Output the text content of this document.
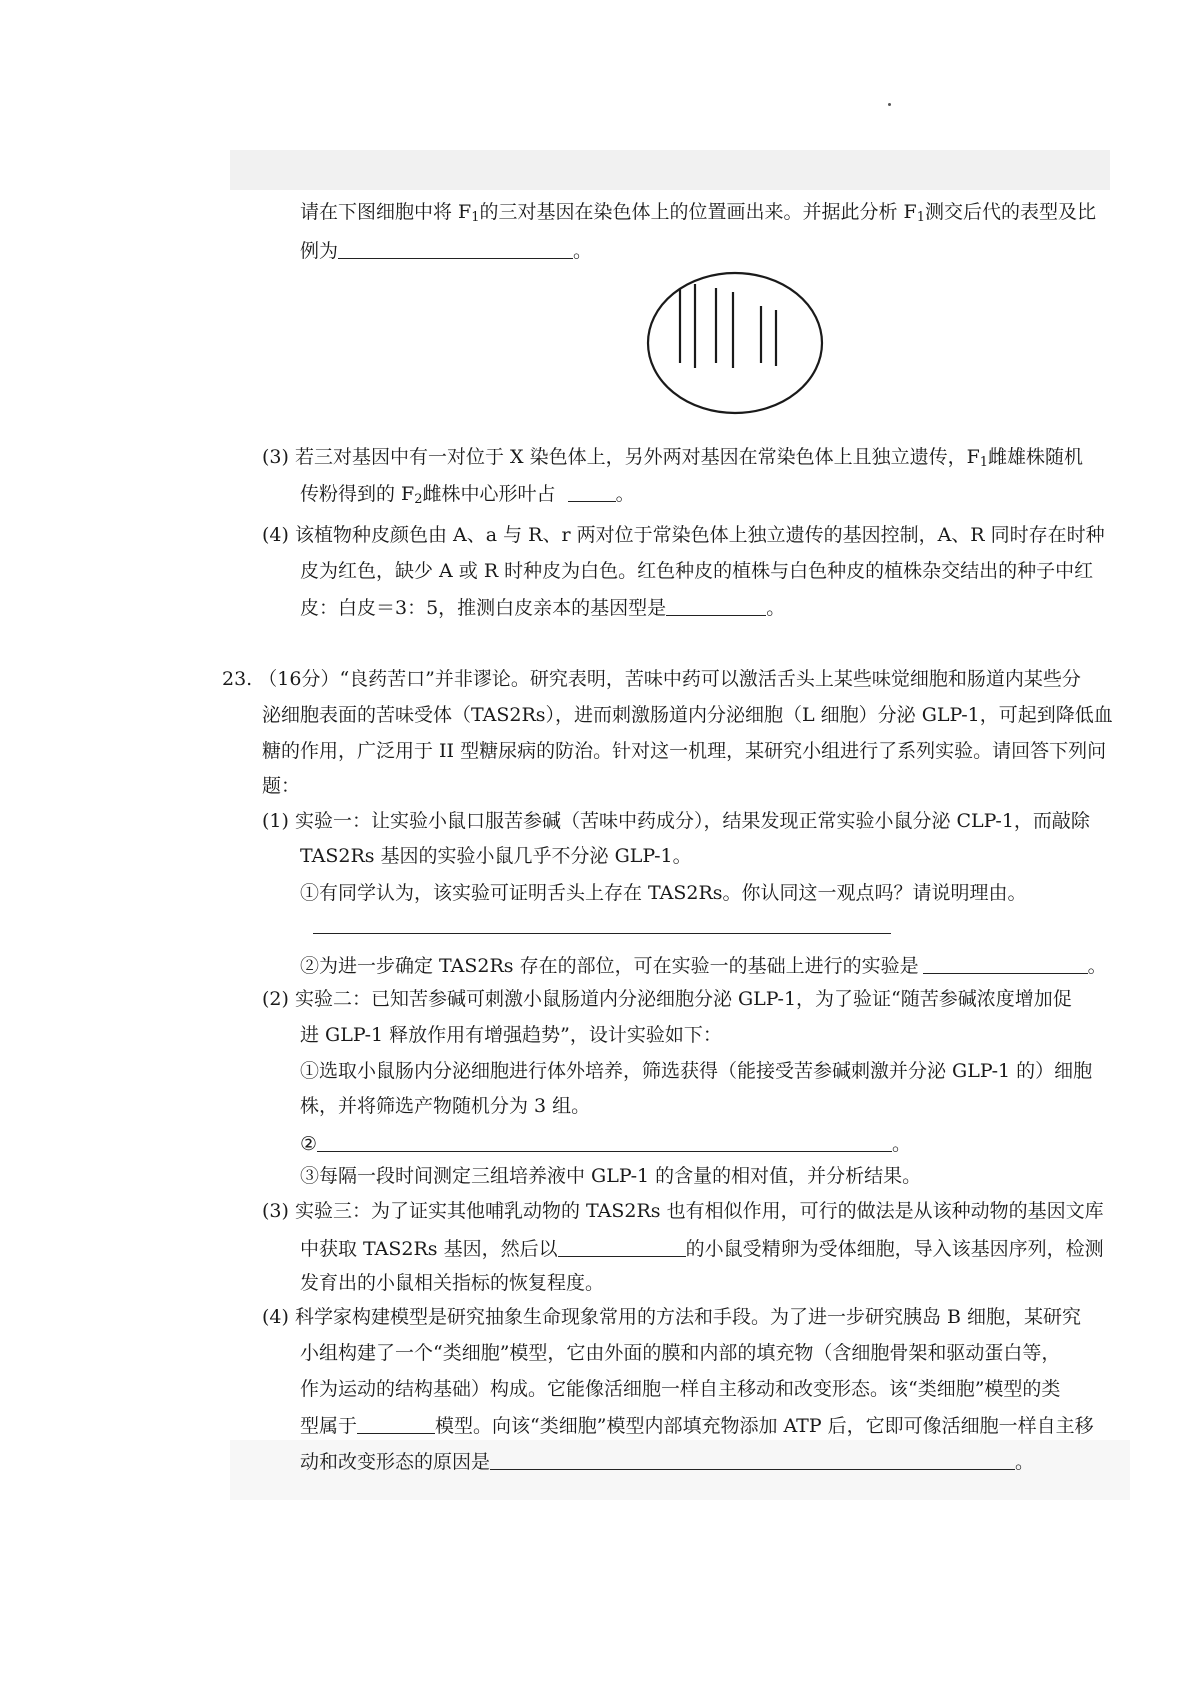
请在下图细胞中将 $F_1$的三对基因在染色体上的位置画出来。并据此分析 $F_1$测交后代的表型及比
例为	。
(3) 若三对基因中有一对位于 X 染色体上，另外两对基因在常染色体上且独立遗传，$F_1$雌雄株随机
传粉得到的 $F_2$雌株中心形叶占	。
(4) 该植物种皮颜色由 A、a 与 R、r 两对位于常染色体上独立遗传的基因控制，A、R 同时存在时种
皮为红色，缺少 A 或 R 时种皮为白色。红色种皮的植株与白色种皮的植株杂交结出的种子中红
皮：白皮＝3：5，推测白皮亲本的基因型是	。
23. （16分）“良药苦口”并非谬论。研究表明，苦味中药可以激活舌头上某些味觉细胞和肠道内某些分
泌细胞表面的苦味受体（TAS2Rs），进而刺激肠道内分泌细胞（L 细胞）分泌 GLP-1，可起到降低血
糖的作用，广泛用于 II 型糖尿病的防治。针对这一机理，某研究小组进行了系列实验。请回答下列问
题：
(1) 实验一：让实验小鼠口服苦参碱（苦味中药成分），结果发现正常实验小鼠分泌 CLP-1，而敲除
TAS2Rs 基因的实验小鼠几乎不分泌 GLP-1。
①有同学认为，该实验可证明舌头上存在 TAS2Rs。你认同这一观点吗？请说明理由。
②为进一步确定 TAS2Rs 存在的部位，可在实验一的基础上进行的实验是	。
(2) 实验二：已知苦参碱可刺激小鼠肠道内分泌细胞分泌 GLP-1，为了验证“随苦参碱浓度增加促
进 GLP-1 释放作用有增强趋势”，设计实验如下：
①选取小鼠肠内分泌细胞进行体外培养，筛选获得（能接受苦参碱刺激并分泌 GLP-1 的）细胞
株，并将筛选产物随机分为 3 组。
②	。
③每隔一段时间测定三组培养液中 GLP-1 的含量的相对值，并分析结果。
(3) 实验三：为了证实其他哺乳动物的 TAS2Rs 也有相似作用，可行的做法是从该种动物的基因文库
中获取 TAS2Rs 基因，然后以	的小鼠受精卵为受体细胞，导入该基因序列，检测
发育出的小鼠相关指标的恢复程度。
(4) 科学家构建模型是研究抽象生命现象常用的方法和手段。为了进一步研究胰岛 B 细胞，某研究
小组构建了一个“类细胞”模型，它由外面的膜和内部的填充物（含细胞骨架和驱动蛋白等，
作为运动的结构基础）构成。它能像活细胞一样自主移动和改变形态。该“类细胞”模型的类
型属于	模型。向该“类细胞”模型内部填充物添加 ATP 后，它即可像活细胞一样自主移
动和改变形态的原因是	。
